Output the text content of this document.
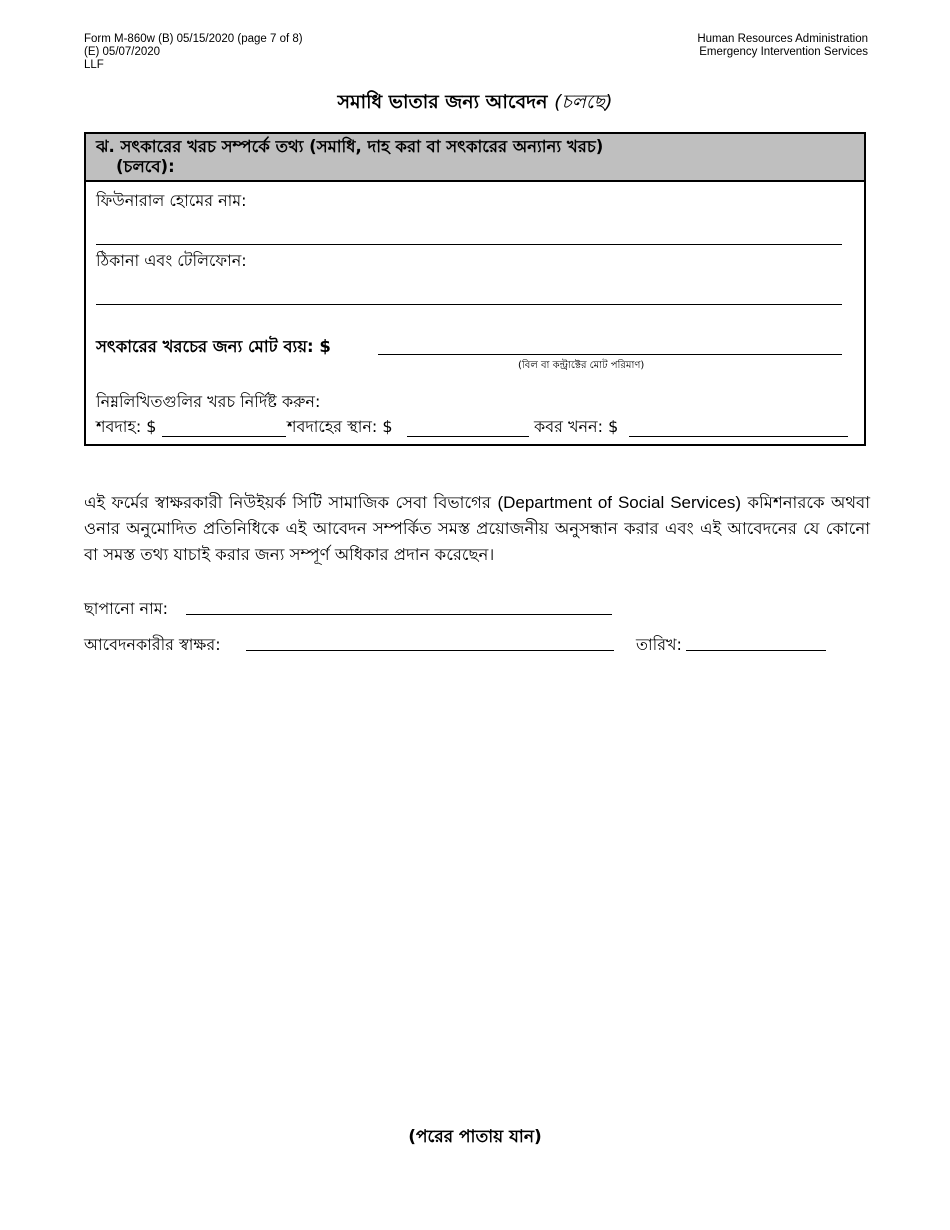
Form M-860w (B) 05/15/2020 (page 7 of 8)
(E) 05/07/2020
LLF
Human Resources Administration
Emergency Intervention Services
সমাধি ভাতার জন্য আবেদন (চলছে)
ঝ. সৎকারের খরচ সম্পর্কে তথ্য (সমাধি, দাহ করা বা সৎকারের অন্যান্য খরচ)
(চলবে):
ফিউনারাল হোমের নাম:
ঠিকানা এবং টেলিফোন:
সৎকারের খরচের জন্য মোট ব্যয়: $
(বিল বা কন্ট্রাক্টের মোট পরিমাণ)
নিম্নলিখিতগুলির খরচ নির্দিষ্ট করুন:
শবদাহ: $	শবদাহের স্থান: $	কবর খনন: $
এই ফর্মের স্বাক্ষরকারী নিউইয়র্ক সিটি সামাজিক সেবা বিভাগের (Department of Social Services) কমিশনারকে অথবা ওনার অনুমোদিত প্রতিনিধিকে এই আবেদন সম্পর্কিত সমস্ত প্রয়োজনীয় অনুসন্ধান করার এবং এই আবেদনের যে কোনো বা সমস্ত তথ্য যাচাই করার জন্য সম্পূর্ণ অধিকার প্রদান করেছেন।
ছাপানো নাম:
আবেদনকারীর স্বাক্ষর:	তারিখ:
(পরের পাতায় যান)
